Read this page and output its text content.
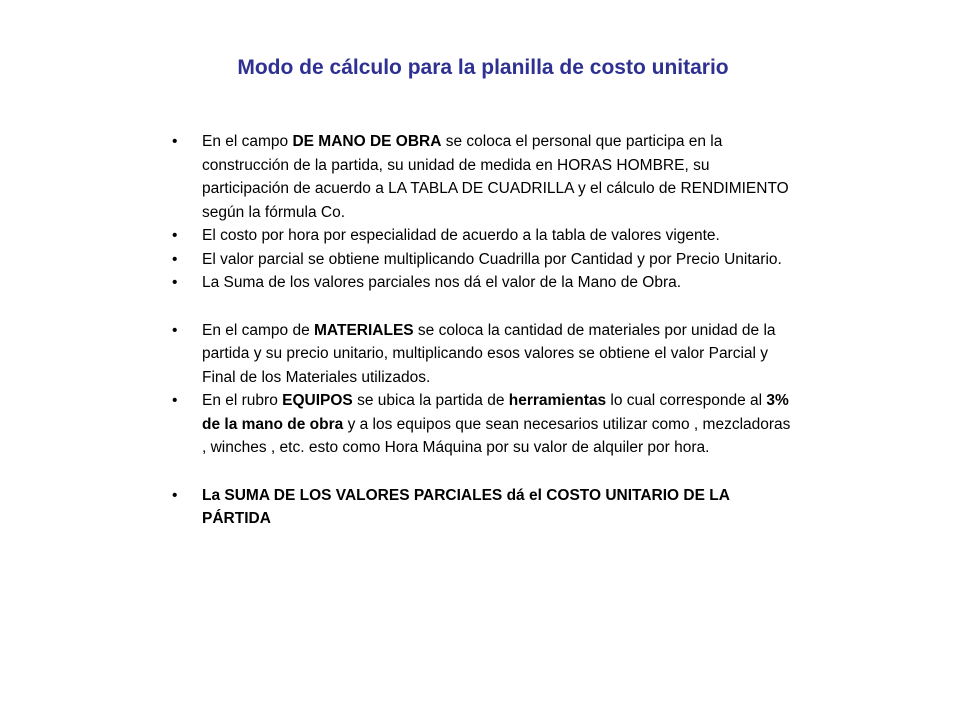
Modo de cálculo para la planilla de costo unitario
• En el campo DE MANO DE OBRA se coloca el personal que participa en la construcción de la partida, su unidad de medida en HORAS HOMBRE, su participación de acuerdo a LA TABLA DE CUADRILLA y el cálculo de RENDIMIENTO según la fórmula Co.
• El costo por hora por especialidad de acuerdo a la tabla de valores vigente.
• El valor parcial se obtiene multiplicando Cuadrilla por Cantidad y por Precio Unitario.
• La Suma de los valores parciales nos dá el valor de la Mano de Obra.
• En el campo de MATERIALES se coloca la cantidad de materiales por unidad de la partida y su precio unitario, multiplicando esos valores se obtiene el valor Parcial y Final de los Materiales utilizados.
• En el rubro EQUIPOS se ubica la partida de herramientas lo cual corresponde al 3% de la mano de obra y a los equipos que sean necesarios utilizar como , mezcladoras , winches , etc. esto como Hora Máquina por su valor de alquiler por hora.
• La SUMA DE LOS VALORES PARCIALES dá el COSTO UNITARIO DE LA PÁRTIDA
